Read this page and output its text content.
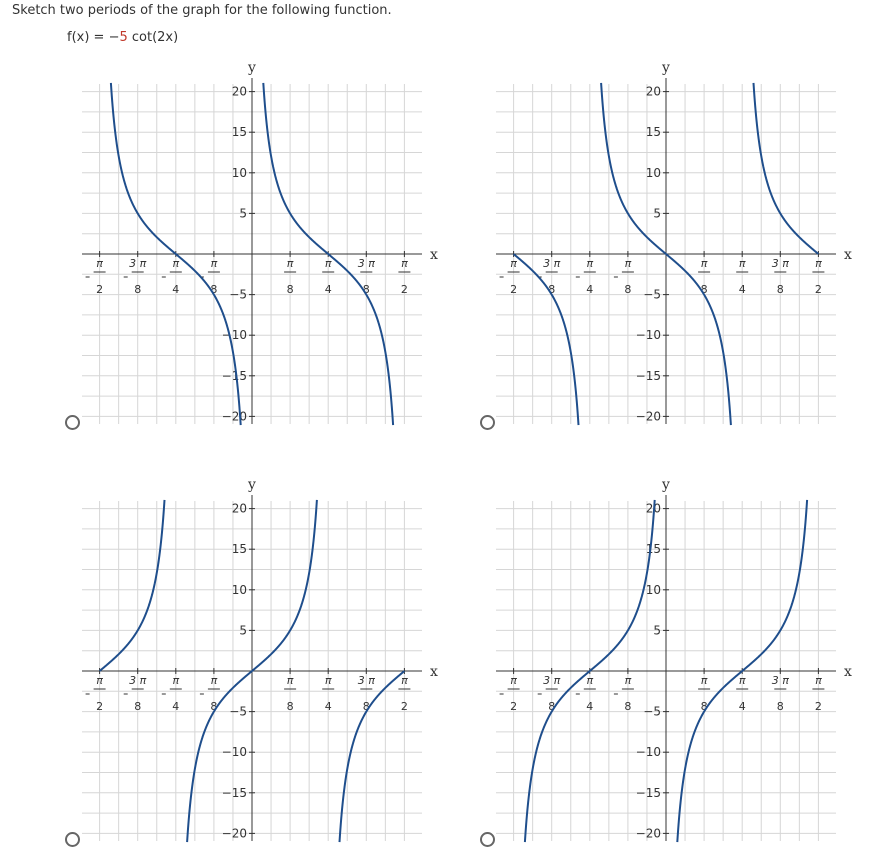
Sketch two periods of the graph for the following function.
f(x) = −5 cot(2x)
x
y
−20
−15
−10
−5
5
10
15
20
π
2
3 π
8
π
4
π
8
π
8
π
4
3 π
8
π
2
x
y
−20
−15
−10
−5
5
10
15
20
π
2
3 π
8
π
4
π
8
π
8
π
4
3 π
8
π
2
x
y
−20
−15
−10
−5
5
10
15
20
π
2
3 π
8
π
4
π
8
π
8
π
4
3 π
8
π
2
x
y
−20
−15
−10
−5
5
10
15
20
π
2
3 π
8
π
4
π
8
π
8
π
4
3 π
8
π
2
